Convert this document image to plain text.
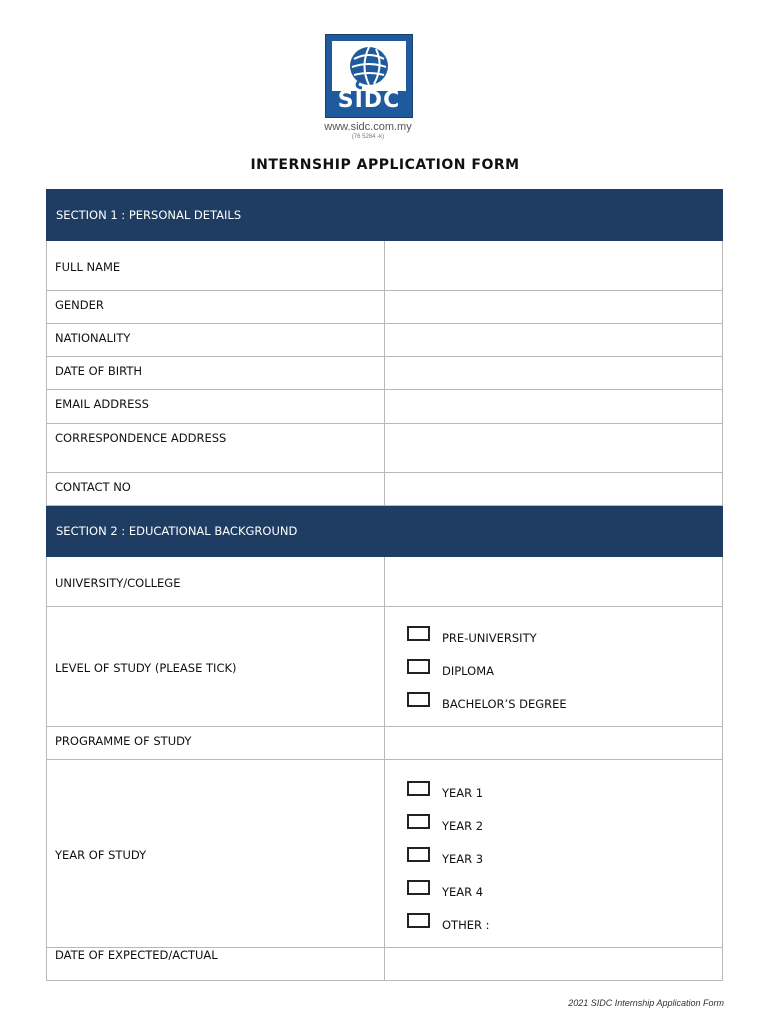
SIDC
www.sidc.com.my
(76 5264 -k)
INTERNSHIP APPLICATION FORM
SECTION 1 : PERSONAL DETAILS	
FULL NAME	
GENDER	
NATIONALITY	
DATE OF BIRTH	
EMAIL ADDRESS	
CORRESPONDENCE ADDRESS	
CONTACT NO	
SECTION 2 : EDUCATIONAL BACKGROUND	
UNIVERSITY/COLLEGE	
LEVEL OF STUDY (PLEASE TICK)	PRE-UNIVERSITY
DIPLOMA
BACHELOR’S DEGREE

PROGRAMME OF STUDY	
YEAR OF STUDY	YEAR 1
YEAR 2
YEAR 3
YEAR 4
OTHER :

DATE OF EXPECTED/ACTUAL	
2021 SIDC Internship Application Form
